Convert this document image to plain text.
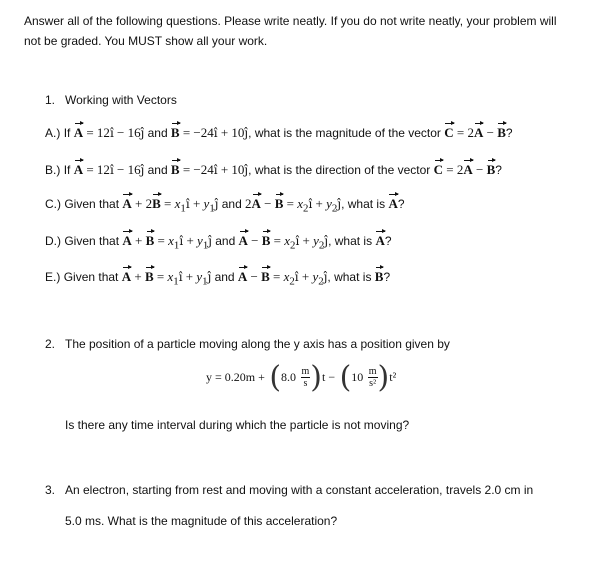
Answer all of the following questions. Please write neatly. If you do not write neatly, your problem will
not be graded. You MUST show all your work.
1. Working with Vectors
A.) If A = 12î − 16ĵ and B = −24î + 10ĵ, what is the magnitude of the vector C = 2A − B?
B.) If A = 12î − 16ĵ and B = −24î + 10ĵ, what is the direction of the vector C = 2A − B?
C.) Given that $A + 2B = x_1î$ + $y_1ĵ$ and $2A - B = x_2î$ + $y_2ĵ$, what is A?
D.) Given that $A + B = x_1î$ + $y_1ĵ$ and $A - B = x_2î$ + $y_2ĵ$, what is A?
E.) Given that $A + B = x_1î$ + $y_1ĵ$ and $A - B = x_2î$ + $y_2ĵ$, what is B?
2. The position of a particle moving along the y axis has a position given by
$y = 0.20m + (8.0 \frac{m}{s} )t - (10 \frac{m}{\text{s²}} )t^2$
Is there any time interval during which the particle is not moving?
3. An electron, starting from rest and moving with a constant acceleration, travels 2.0 cm in
5.0 ms. What is the magnitude of this acceleration?
